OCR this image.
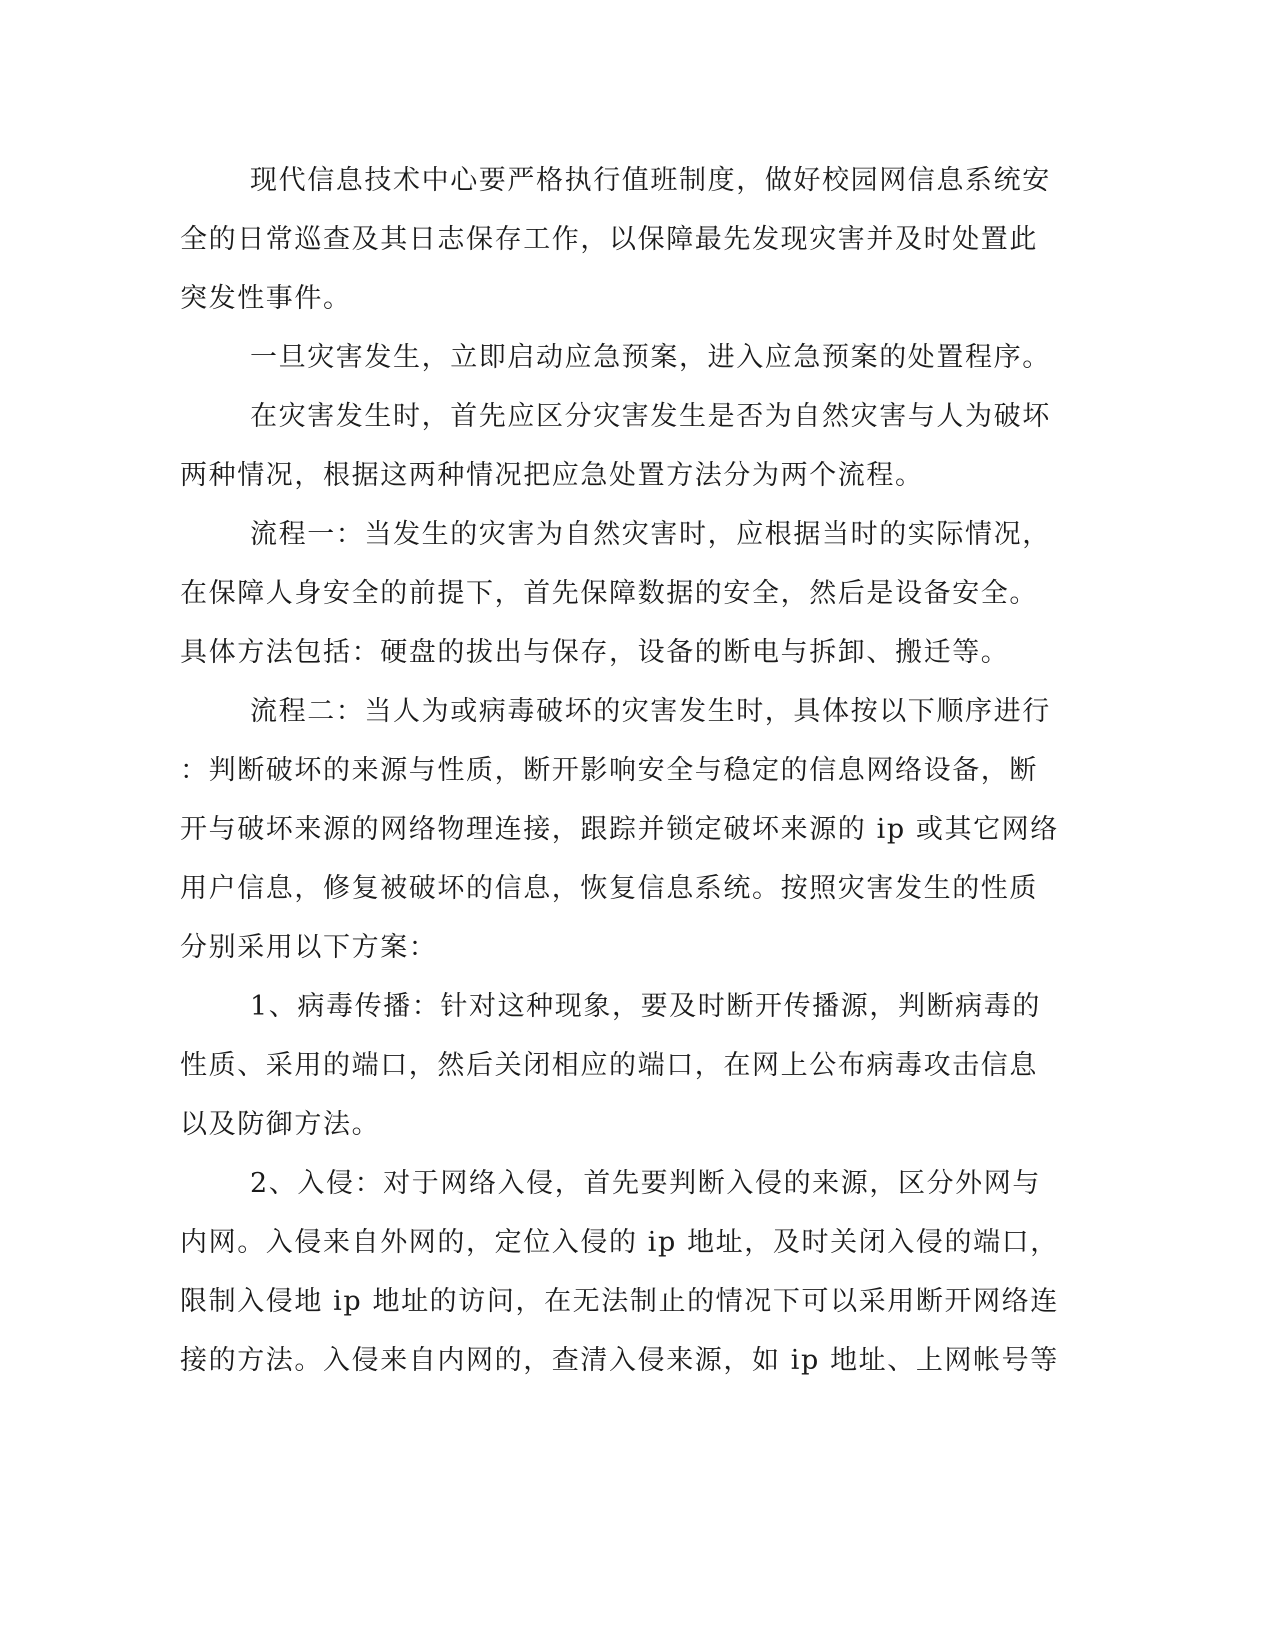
现代信息技术中心要严格执行值班制度，做好校园网信息系统安
全的日常巡查及其日志保存工作，以保障最先发现灾害并及时处置此
突发性事件。
一旦灾害发生，立即启动应急预案，进入应急预案的处置程序。
在灾害发生时，首先应区分灾害发生是否为自然灾害与人为破坏
两种情况，根据这两种情况把应急处置方法分为两个流程。
流程一：当发生的灾害为自然灾害时，应根据当时的实际情况，
在保障人身安全的前提下，首先保障数据的安全，然后是设备安全。
具体方法包括：硬盘的拔出与保存，设备的断电与拆卸、搬迁等。
流程二：当人为或病毒破坏的灾害发生时，具体按以下顺序进行
：判断破坏的来源与性质，断开影响安全与稳定的信息网络设备，断
开与破坏来源的网络物理连接，跟踪并锁定破坏来源的 ip 或其它网络
用户信息，修复被破坏的信息，恢复信息系统。按照灾害发生的性质
分别采用以下方案：
1、病毒传播：针对这种现象，要及时断开传播源，判断病毒的
性质、采用的端口，然后关闭相应的端口，在网上公布病毒攻击信息
以及防御方法。
2、入侵：对于网络入侵，首先要判断入侵的来源，区分外网与
内网。入侵来自外网的，定位入侵的 ip 地址，及时关闭入侵的端口，
限制入侵地 ip 地址的访问，在无法制止的情况下可以采用断开网络连
接的方法。入侵来自内网的，查清入侵来源，如 ip 地址、上网帐号等
